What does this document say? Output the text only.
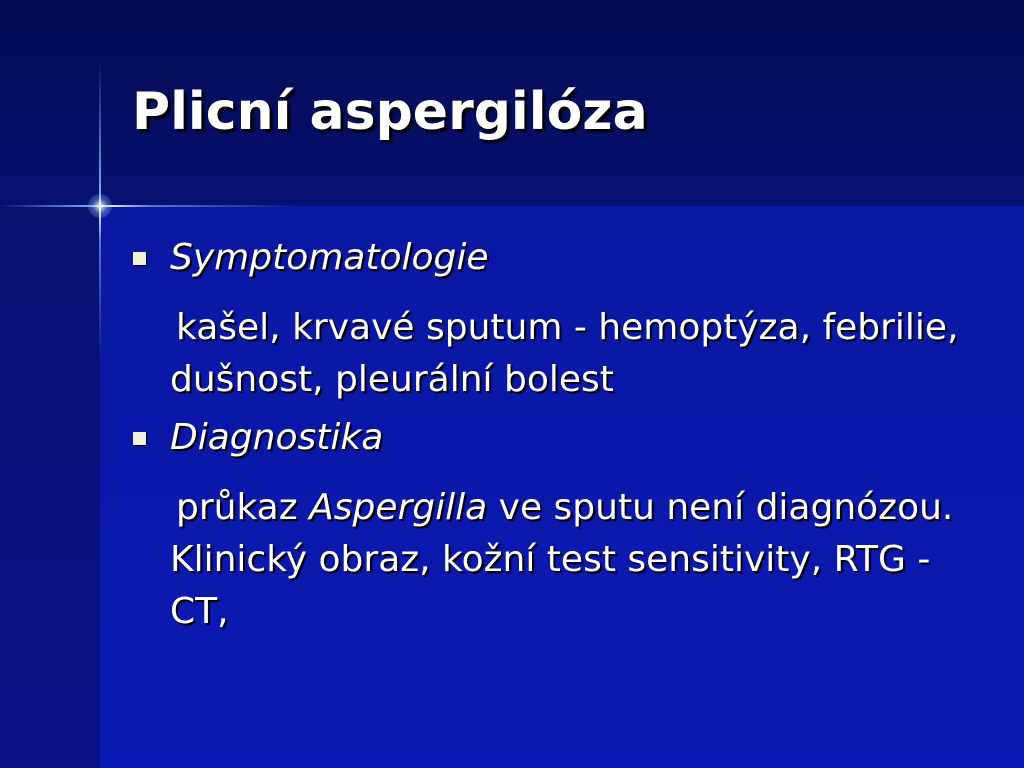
Plicní aspergilóza
Symptomatologie
kašel, krvavé sputum - hemoptýza, febrilie, dušnost, pleurální bolest
Diagnostika
průkaz Aspergilla ve sputu není diagnózou. Klinický obraz, kožní test sensitivity, RTG - CT,
